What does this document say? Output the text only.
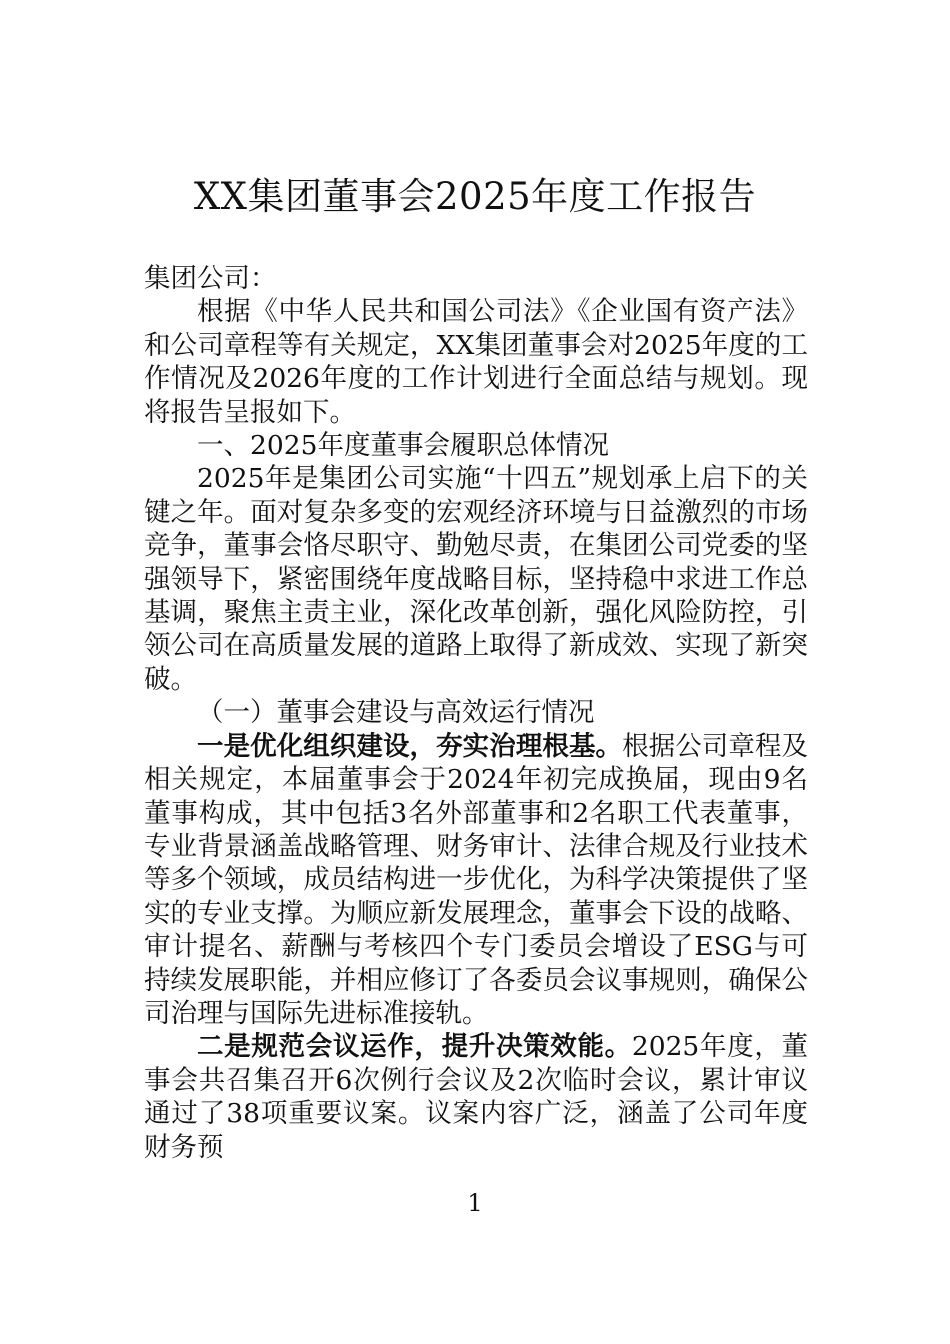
XX集团董事会2025年度工作报告

集团公司：

根据《中华人民共和国公司法》《企业国有资产法》和公司章程等有关规定，XX集团董事会对2025年度的工作情况及2026年度的工作计划进行全面总结与规划。现将报告呈报如下。

一、2025年度董事会履职总体情况

2025年是集团公司实施“十四五”规划承上启下的关键之年。面对复杂多变的宏观经济环境与日益激烈的市场竞争，董事会恪尽职守、勤勉尽责，在集团公司党委的坚强领导下，紧密围绕年度战略目标，坚持稳中求进工作总基调，聚焦主责主业，深化改革创新，强化风险防控，引领公司在高质量发展的道路上取得了新成效、实现了新突破。

（一）董事会建设与高效运行情况

一是优化组织建设，夯实治理根基。根据公司章程及相关规定，本届董事会于2024年初完成换届，现由9名董事构成，其中包括3名外部董事和2名职工代表董事，专业背景涵盖战略管理、财务审计、法律合规及行业技术等多个领域，成员结构进一步优化，为科学决策提供了坚实的专业支撑。为顺应新发展理念，董事会下设的战略、审计提名、薪酬与考核四个专门委员会增设了ESG与可持续发展职能，并相应修订了各委员会议事规则，确保公司治理与国际先进标准接轨。

二是规范会议运作，提升决策效能。2025年度，董事会共召集召开6次例行会议及2次临时会议，累计审议通过了38项重要议案。议案内容广泛，涵盖了公司年度财务预

1
